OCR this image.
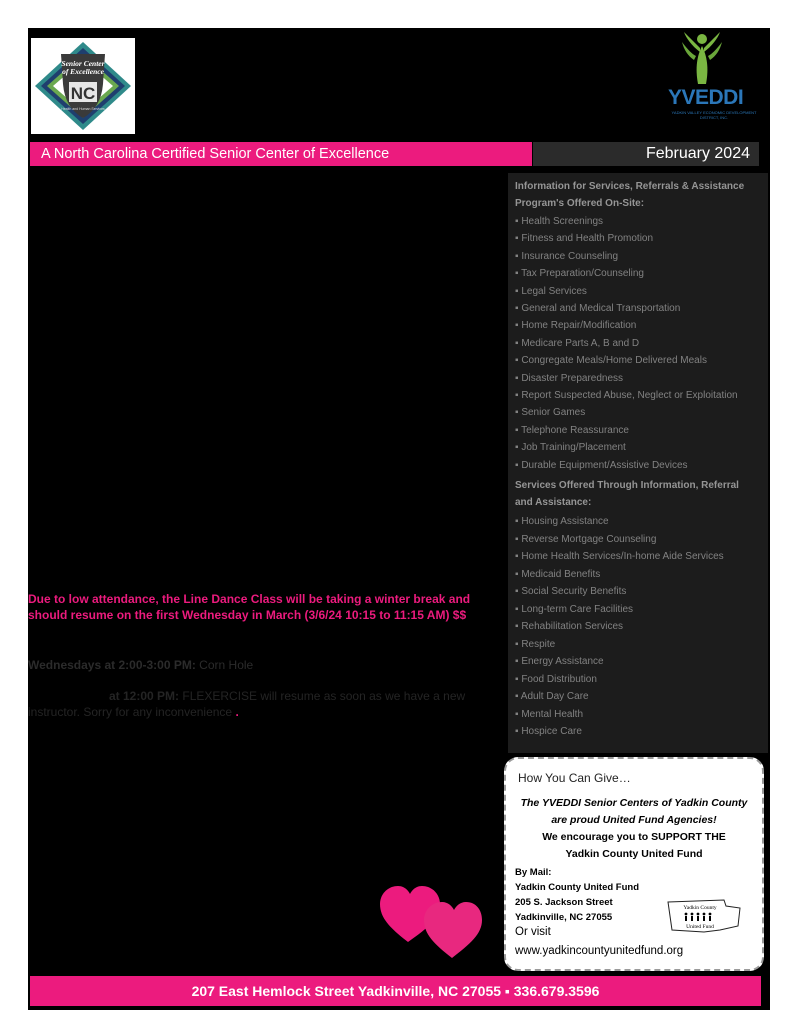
Senior Center
of Excellence
NC
Health and Human Services	YVEDDI
YADKIN VALLEY ECONOMIC DEVELOPMENT DISTRICT, INC.
A North Carolina Certified Senior Center of Excellence	February 2024
Due to low attendance, the Line Dance Class will be taking a winter break and should resume on the first Wednesday in March (3/6/24 10:15 to 11:15 AM) $$
Wednesdays at 2:00-3:00 PM: Corn Hole
at 12:00 PM: FLEXERCISE will resume as soon as we have a new instructor. Sorry for any inconvenience .
Information for Services, Referrals & Assistance
Program's Offered On-Site:
▪ Health Screenings
▪ Fitness and Health Promotion
▪ Insurance Counseling
▪ Tax Preparation/Counseling
▪ Legal Services
▪ General and Medical Transportation
▪ Home Repair/Modification
▪ Medicare Parts A, B and D
▪ Congregate Meals/Home Delivered Meals
▪ Disaster Preparedness
▪ Report Suspected Abuse, Neglect or Exploitation
▪ Senior Games
▪ Telephone Reassurance
▪ Job Training/Placement
▪ Durable Equipment/Assistive Devices
Services Offered Through Information, Referral
and Assistance:
▪ Housing Assistance
▪ Reverse Mortgage Counseling
▪ Home Health Services/In-home Aide Services
▪ Medicaid Benefits
▪ Social Security Benefits
▪ Long-term Care Facilities
▪ Rehabilitation Services
▪ Respite
▪ Energy Assistance
▪ Food Distribution
▪ Adult Day Care
▪ Mental Health
▪ Hospice Care
How You Can Give…
The YVEDDI Senior Centers of Yadkin County
are proud United Fund Agencies!
We encourage you to SUPPORT THE
Yadkin County United Fund
By Mail:
Yadkin County United Fund
205 S. Jackson Street
Yadkinville, NC 27055
Or visit
www.yadkincountyunitedfund.org
Yadkin County
United Fund
207 East Hemlock Street Yadkinville, NC 27055 ▪ 336.679.3596
